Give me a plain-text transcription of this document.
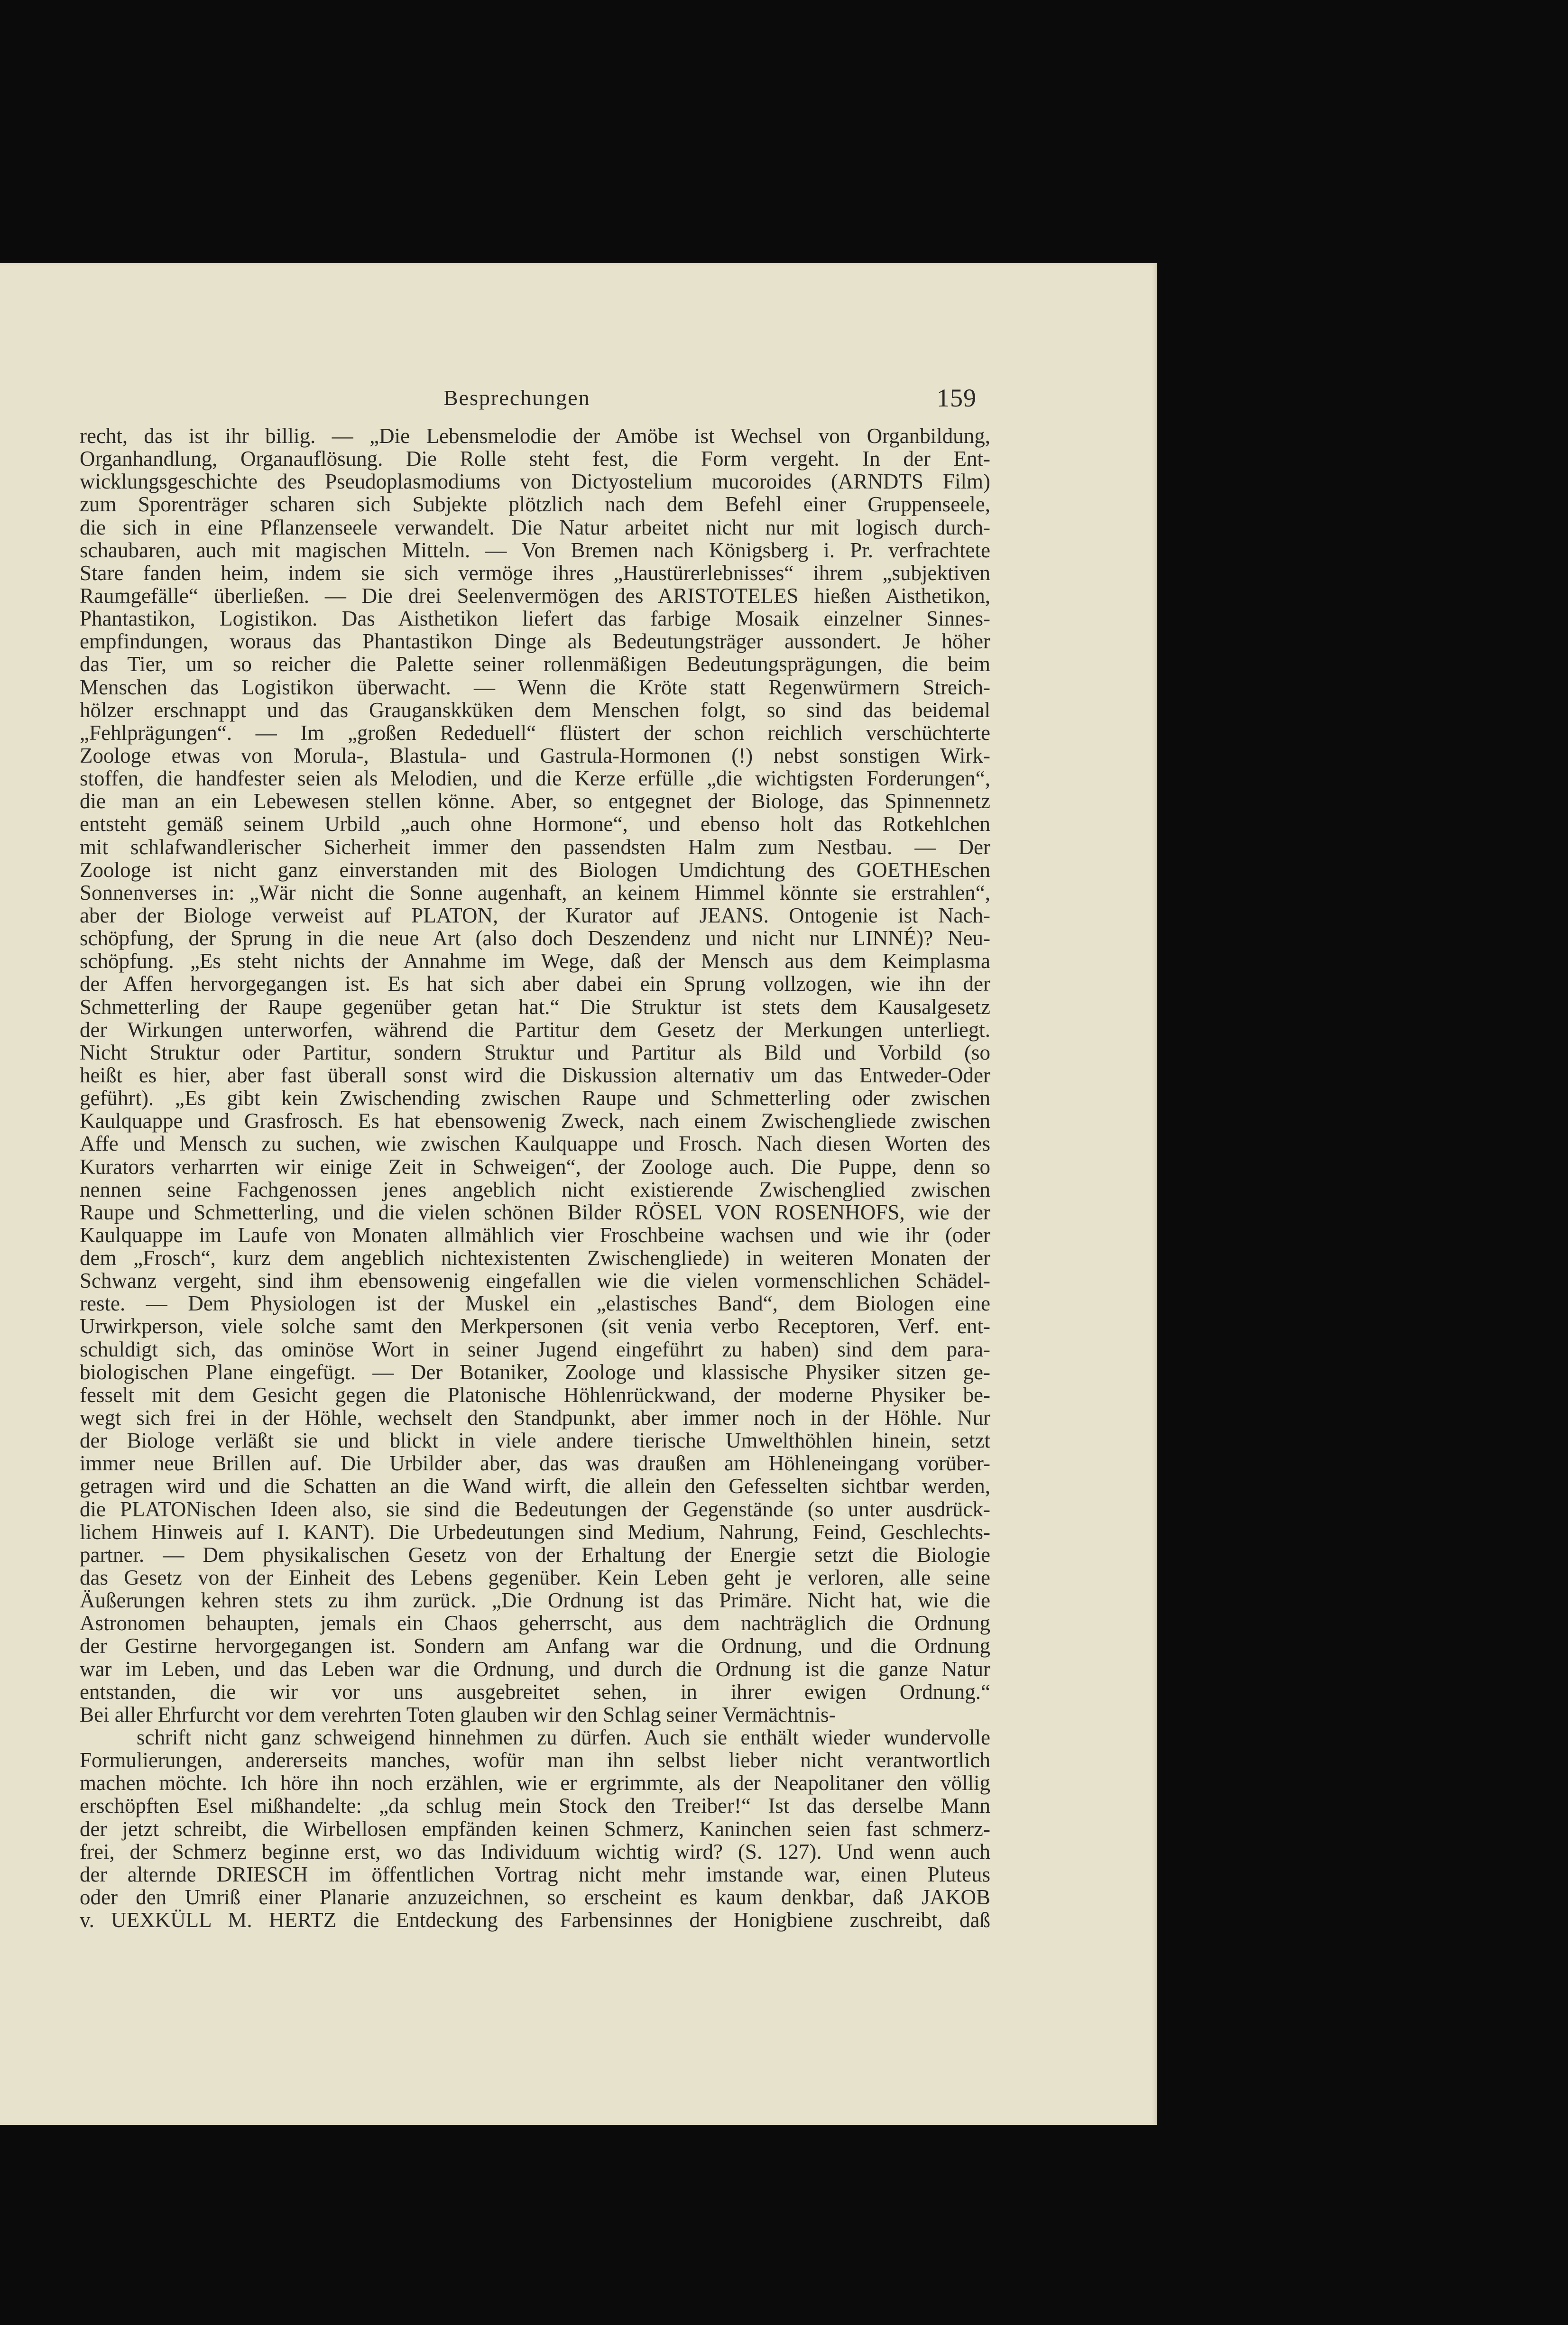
Besprechungen	159
recht, das ist ihr billig. — „Die Lebensmelodie der Amöbe ist Wechsel von Organbildung,
Organhandlung, Organauflösung. Die Rolle steht fest, die Form vergeht. In der Ent-
wicklungsgeschichte des Pseudoplasmodiums von Dictyostelium mucoroides (ARNDTS Film)
zum Sporenträger scharen sich Subjekte plötzlich nach dem Befehl einer Gruppenseele,
die sich in eine Pflanzenseele verwandelt. Die Natur arbeitet nicht nur mit logisch durch-
schaubaren, auch mit magischen Mitteln. — Von Bremen nach Königsberg i. Pr. verfrachtete
Stare fanden heim, indem sie sich vermöge ihres „Haustürerlebnisses“ ihrem „subjektiven
Raumgefälle“ überließen. — Die drei Seelenvermögen des ARISTOTELES hießen Aisthetikon,
Phantastikon, Logistikon. Das Aisthetikon liefert das farbige Mosaik einzelner Sinnes-
empfindungen, woraus das Phantastikon Dinge als Bedeutungsträger aussondert. Je höher
das Tier, um so reicher die Palette seiner rollenmäßigen Bedeutungsprägungen, die beim
Menschen das Logistikon überwacht. — Wenn die Kröte statt Regenwürmern Streich-
hölzer erschnappt und das Grauganskküken dem Menschen folgt, so sind das beidemal
„Fehlprägungen“. — Im „großen Rededuell“ flüstert der schon reichlich verschüchterte
Zoologe etwas von Morula-, Blastula- und Gastrula-Hormonen (!) nebst sonstigen Wirk-
stoffen, die handfester seien als Melodien, und die Kerze erfülle „die wichtigsten Forderungen“,
die man an ein Lebewesen stellen könne. Aber, so entgegnet der Biologe, das Spinnennetz
entsteht gemäß seinem Urbild „auch ohne Hormone“, und ebenso holt das Rotkehlchen
mit schlafwandlerischer Sicherheit immer den passendsten Halm zum Nestbau. — Der
Zoologe ist nicht ganz einverstanden mit des Biologen Umdichtung des GOETHEschen
Sonnenverses in: „Wär nicht die Sonne augenhaft, an keinem Himmel könnte sie erstrahlen“,
aber der Biologe verweist auf PLATON, der Kurator auf JEANS. Ontogenie ist Nach-
schöpfung, der Sprung in die neue Art (also doch Deszendenz und nicht nur LINNÉ)? Neu-
schöpfung. „Es steht nichts der Annahme im Wege, daß der Mensch aus dem Keimplasma
der Affen hervorgegangen ist. Es hat sich aber dabei ein Sprung vollzogen, wie ihn der
Schmetterling der Raupe gegenüber getan hat.“ Die Struktur ist stets dem Kausalgesetz
der Wirkungen unterworfen, während die Partitur dem Gesetz der Merkungen unterliegt.
Nicht Struktur oder Partitur, sondern Struktur und Partitur als Bild und Vorbild (so
heißt es hier, aber fast überall sonst wird die Diskussion alternativ um das Entweder-Oder
geführt). „Es gibt kein Zwischending zwischen Raupe und Schmetterling oder zwischen
Kaulquappe und Grasfrosch. Es hat ebensowenig Zweck, nach einem Zwischengliede zwischen
Affe und Mensch zu suchen, wie zwischen Kaulquappe und Frosch. Nach diesen Worten des
Kurators verharrten wir einige Zeit in Schweigen“, der Zoologe auch. Die Puppe, denn so
nennen seine Fachgenossen jenes angeblich nicht existierende Zwischenglied zwischen
Raupe und Schmetterling, und die vielen schönen Bilder RÖSEL VON ROSENHOFS, wie der
Kaulquappe im Laufe von Monaten allmählich vier Froschbeine wachsen und wie ihr (oder
dem „Frosch“, kurz dem angeblich nichtexistenten Zwischengliede) in weiteren Monaten der
Schwanz vergeht, sind ihm ebensowenig eingefallen wie die vielen vormenschlichen Schädel-
reste. — Dem Physiologen ist der Muskel ein „elastisches Band“, dem Biologen eine
Urwirkperson, viele solche samt den Merkpersonen (sit venia verbo Receptoren, Verf. ent-
schuldigt sich, das ominöse Wort in seiner Jugend eingeführt zu haben) sind dem para-
biologischen Plane eingefügt. — Der Botaniker, Zoologe und klassische Physiker sitzen ge-
fesselt mit dem Gesicht gegen die Platonische Höhlenrückwand, der moderne Physiker be-
wegt sich frei in der Höhle, wechselt den Standpunkt, aber immer noch in der Höhle. Nur
der Biologe verläßt sie und blickt in viele andere tierische Umwelthöhlen hinein, setzt
immer neue Brillen auf. Die Urbilder aber, das was draußen am Höhleneingang vorüber-
getragen wird und die Schatten an die Wand wirft, die allein den Gefesselten sichtbar werden,
die PLATONischen Ideen also, sie sind die Bedeutungen der Gegenstände (so unter ausdrück-
lichem Hinweis auf I. KANT). Die Urbedeutungen sind Medium, Nahrung, Feind, Geschlechts-
partner. — Dem physikalischen Gesetz von der Erhaltung der Energie setzt die Biologie
das Gesetz von der Einheit des Lebens gegenüber. Kein Leben geht je verloren, alle seine
Äußerungen kehren stets zu ihm zurück. „Die Ordnung ist das Primäre. Nicht hat, wie die
Astronomen behaupten, jemals ein Chaos geherrscht, aus dem nachträglich die Ordnung
der Gestirne hervorgegangen ist. Sondern am Anfang war die Ordnung, und die Ordnung
war im Leben, und das Leben war die Ordnung, und durch die Ordnung ist die ganze Natur
entstanden, die wir vor uns ausgebreitet sehen, in ihrer ewigen Ordnung.“
Bei aller Ehrfurcht vor dem verehrten Toten glauben wir den Schlag seiner Vermächtnis-
schrift nicht ganz schweigend hinnehmen zu dürfen. Auch sie enthält wieder wundervolle
Formulierungen, andererseits manches, wofür man ihn selbst lieber nicht verantwortlich
machen möchte. Ich höre ihn noch erzählen, wie er ergrimmte, als der Neapolitaner den völlig
erschöpften Esel mißhandelte: „da schlug mein Stock den Treiber!“ Ist das derselbe Mann
der jetzt schreibt, die Wirbellosen empfänden keinen Schmerz, Kaninchen seien fast schmerz-
frei, der Schmerz beginne erst, wo das Individuum wichtig wird? (S. 127). Und wenn auch
der alternde DRIESCH im öffentlichen Vortrag nicht mehr imstande war, einen Pluteus
oder den Umriß einer Planarie anzuzeichnen, so erscheint es kaum denkbar, daß JAKOB
v. UEXKÜLL M. HERTZ die Entdeckung des Farbensinnes der Honigbiene zuschreibt, daß
